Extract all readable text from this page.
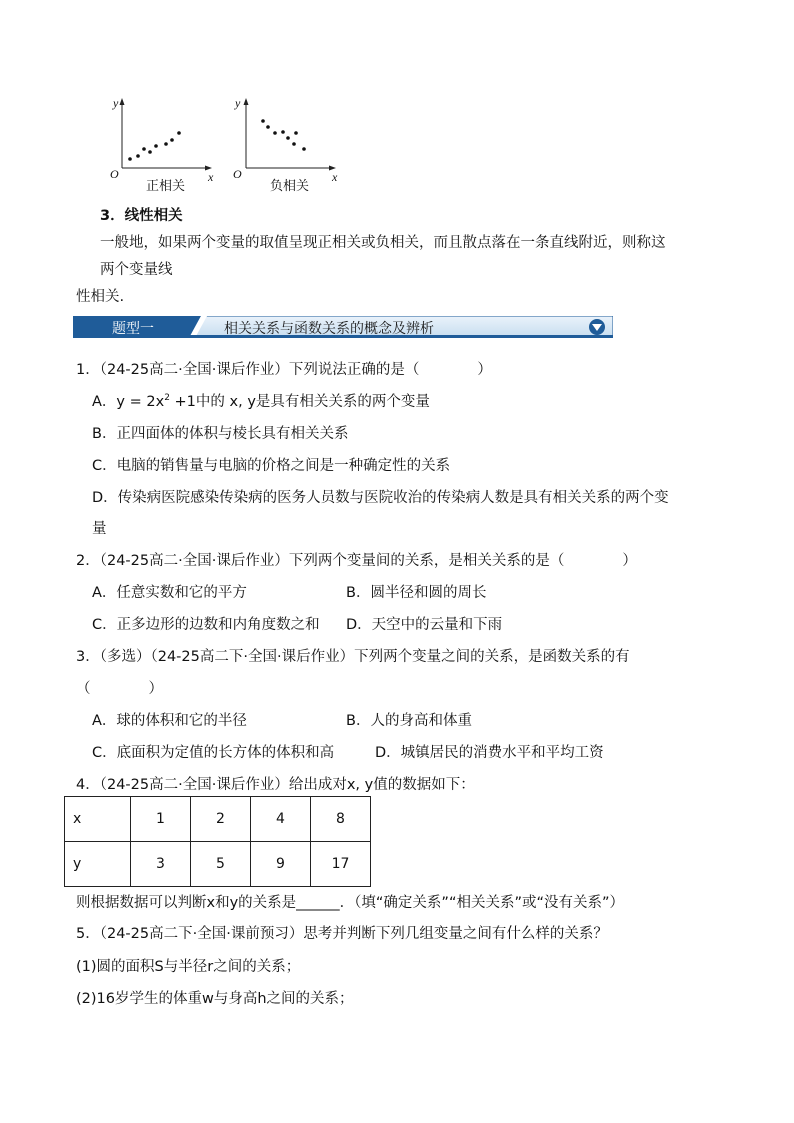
y	y
x	x
O	O
正相关	负相关
3．线性相关
一般地，如果两个变量的取值呈现正相关或负相关，而且散点落在一条直线附近，则称这
两个变量线
性相关.
题型一	相关关系与函数关系的概念及辨析
1．（24-25高二·全国·课后作业）下列说法正确的是（　　　　）
A．$y = 2x^2 +1$中的 x, y是具有相关关系的两个变量
B．正四面体的体积与棱长具有相关关系
C．电脑的销售量与电脑的价格之间是一种确定性的关系
D．传染病医院感染传染病的医务人员数与医院收治的传染病人数是具有相关关系的两个变
量
2．（24-25高二·全国·课后作业）下列两个变量间的关系，是相关关系的是（　　　　）
A．任意实数和它的平方	B．圆半径和圆的周长
C．正多边形的边数和内角度数之和 D．天空中的云量和下雨
3．（多选）（24-25高二下·全国·课后作业）下列两个变量之间的关系，是函数关系的有
（　　　　）
A．球的体积和它的半径	B．人的身高和体重
C．底面积为定值的长方体的体积和高	D．城镇居民的消费水平和平均工资
4．（24-25高二·全国·课后作业）给出成对x, y值的数据如下：
x	1	2	4	8
y	3	5	9	17
则根据数据可以判断x和y的关系是______．（填“确定关系”“相关关系”或“没有关系”）
5．（24-25高二下·全国·课前预习）思考并判断下列几组变量之间有什么样的关系？
(1)圆的面积S与半径r之间的关系；
(2)16岁学生的体重w与身高h之间的关系；
